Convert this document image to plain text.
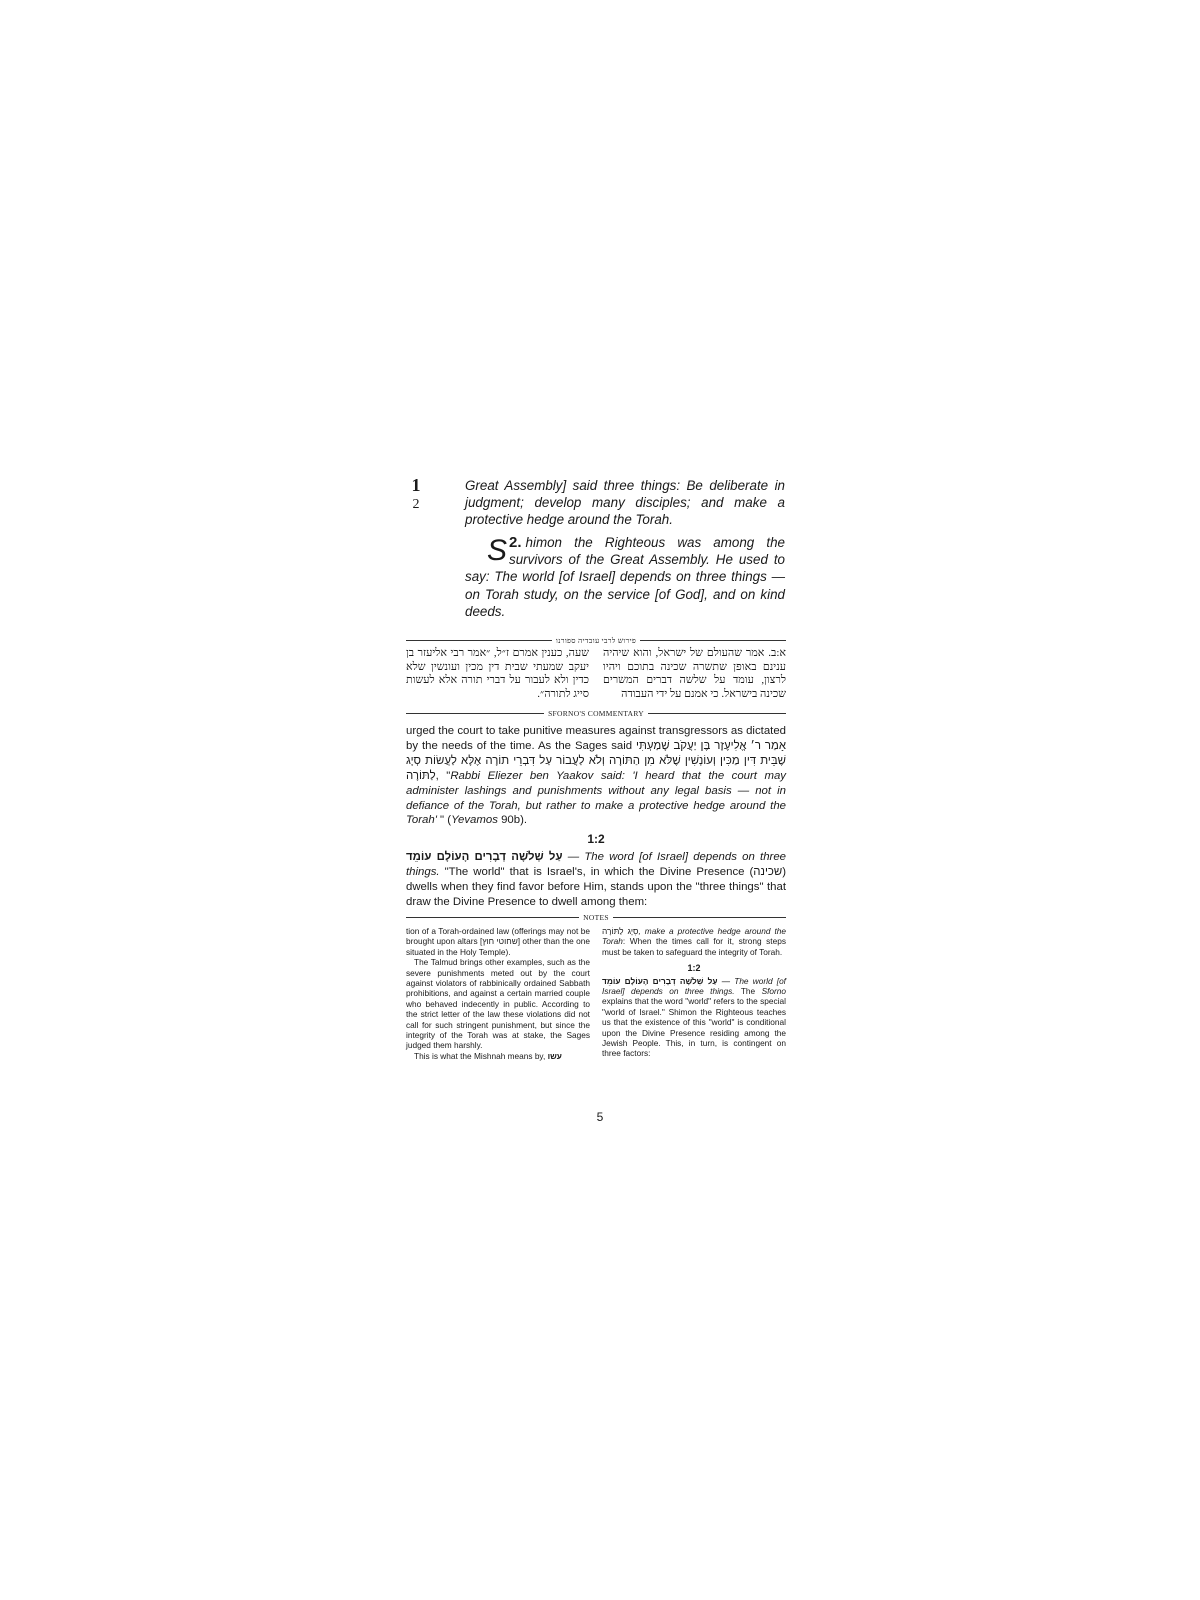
1
2

Great Assembly] said three things: Be deliberate in judgment; develop many disciples; and make a protective hedge around the Torah.

2.
S himon the Righteous was among the survivors of the Great Assembly. He used to say: The world [of Israel] depends on three things — on Torah study, on the service [of God], and on kind deeds.

פירוש לרבי עובדיה ספורנו

שעה, כענין אמרם ז״ל, ״אמר רבי אליעזר בן יעקב שמעתי שבית דין מכין ועונשין שלא כדין ולא לעבור על דברי תורה אלא לעשות סייג לתורה״.

א:ב. אמר שהעולם של ישראל, והוא שיהיה ענינם באופן שתשרה שכינה בתוכם ויהיו לרצון, עומד על שלשה דברים המשרים שכינה בישראל. כי אמנם על ידי העבודה

SFORNO'S COMMENTARY

urged the court to take punitive measures against transgressors as dictated by the needs of the time. As the Sages said אָמַר ר׳ אֱלִיעֶזֶר בֶּן יַעֲקֹב שָׁמַעְתִּי שֶׁבֵּית דִּין מַכִּין וְעוֹנְשִׁין שֶׁלֹּא מִן הַתּוֹרָה וְלֹא לַעֲבוֹר עַל דִּבְרֵי תוֹרָה אֶלָּא לַעֲשׂוֹת סְיָג לַתּוֹרָה, "Rabbi Eliezer ben Yaakov said: 'I heard that the court may administer lashings and punishments without any legal basis — not in defiance of the Torah, but rather to make a protective hedge around the Torah' " (Yevamos 90b).

1:2

עַל שְׁלֹשָׁה דְבָרִים הָעוֹלָם עוֹמֵד — The word [of Israel] depends on three things. "The world" that is Israel's, in which the Divine Presence (שכינה) dwells when they find favor before Him, stands upon the "three things" that draw the Divine Presence to dwell among them:

NOTES

tion of a Torah-ordained law (offerings may not be brought upon altars [שחוטי חוץ] other than the one situated in the Holy Temple).

The Talmud brings other examples, such as the severe punishments meted out by the court against violators of rabbinically ordained Sabbath prohibitions, and against a certain married couple who behaved indecently in public. According to the strict letter of the law these violations did not call for such stringent punishment, but since the integrity of the Torah was at stake, the Sages judged them harshly.

This is what the Mishnah means by, עשו

סְיָג לַתּוֹרָה, make a protective hedge around the Torah: When the times call for it, strong steps must be taken to safeguard the integrity of Torah.

1:2

עַל שְׁלֹשָׁה דְבָרִים הָעוֹלָם עוֹמֵד — The world [of Israel] depends on three things. The Sforno explains that the word "world" refers to the special "world of Israel." Shimon the Righteous teaches us that the existence of this "world" is conditional upon the Divine Presence residing among the Jewish People. This, in turn, is contingent on three factors:

5
